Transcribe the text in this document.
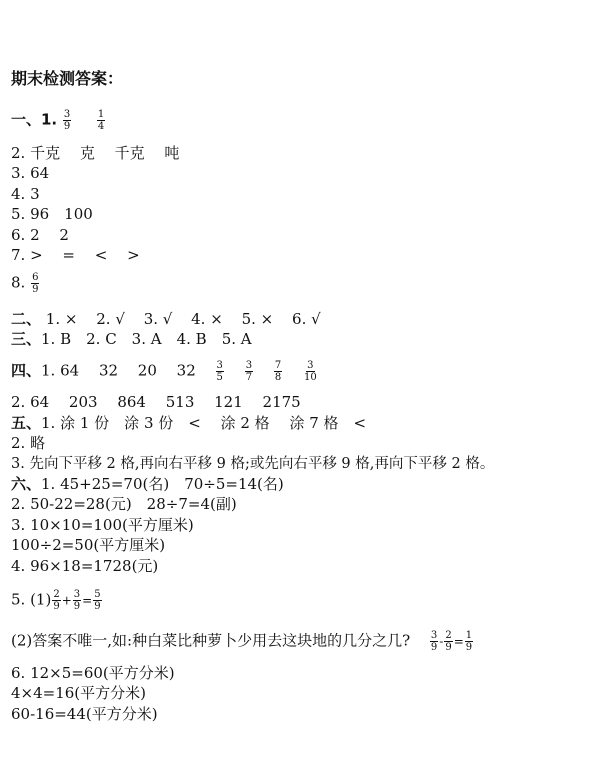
期末检测答案：
一、1. $\frac{3}{9}$
	$\frac{1}{4}$
2. 千克　 克　 千克　 吨
3. 64
4. 3
5. 96　100
6. 2　 2
7. >　 =　 <　 >
8. $\frac{6}{9}$
二、 1. × 2. √ 3. √ 4. × 5. × 6. √
三、1. B　2. C　3. A　4. B　5. A
四、1. 64　 32　 20　 $32 \frac{3}{5}$
$\frac{3}{7}$
$\frac{7}{8}$
$\frac{3}{10}$
2. 64　 203　 864　 513　 121　 2175
五、1. 涂 1 份　涂 3 份　<　 涂 2 格　 涂 7 格　<
2. 略
3. 先向下平移 2 格,再向右平移 9 格;或先向右平移 9 格,再向下平移 2 格。
六、1. 45+25=70(名)　70÷5=14(名)
2. 50-22=28(元)　28÷7=4(副)
3. 10×10=100(平方厘米)
100÷2=50(平方厘米)
4. 96×18=1728(元)
5. $(1) \frac{2}{9} + \frac{3}{9} = \frac{5}{9}$
(2)答案不唯一,如:种白菜比种萝卜少用去这块地的几分之几? $\frac{3}{9} - \frac{2}{9} = \frac{1}{9}$
6. 12×5=60(平方分米)
4×4=16(平方分米)
60-16=44(平方分米)
